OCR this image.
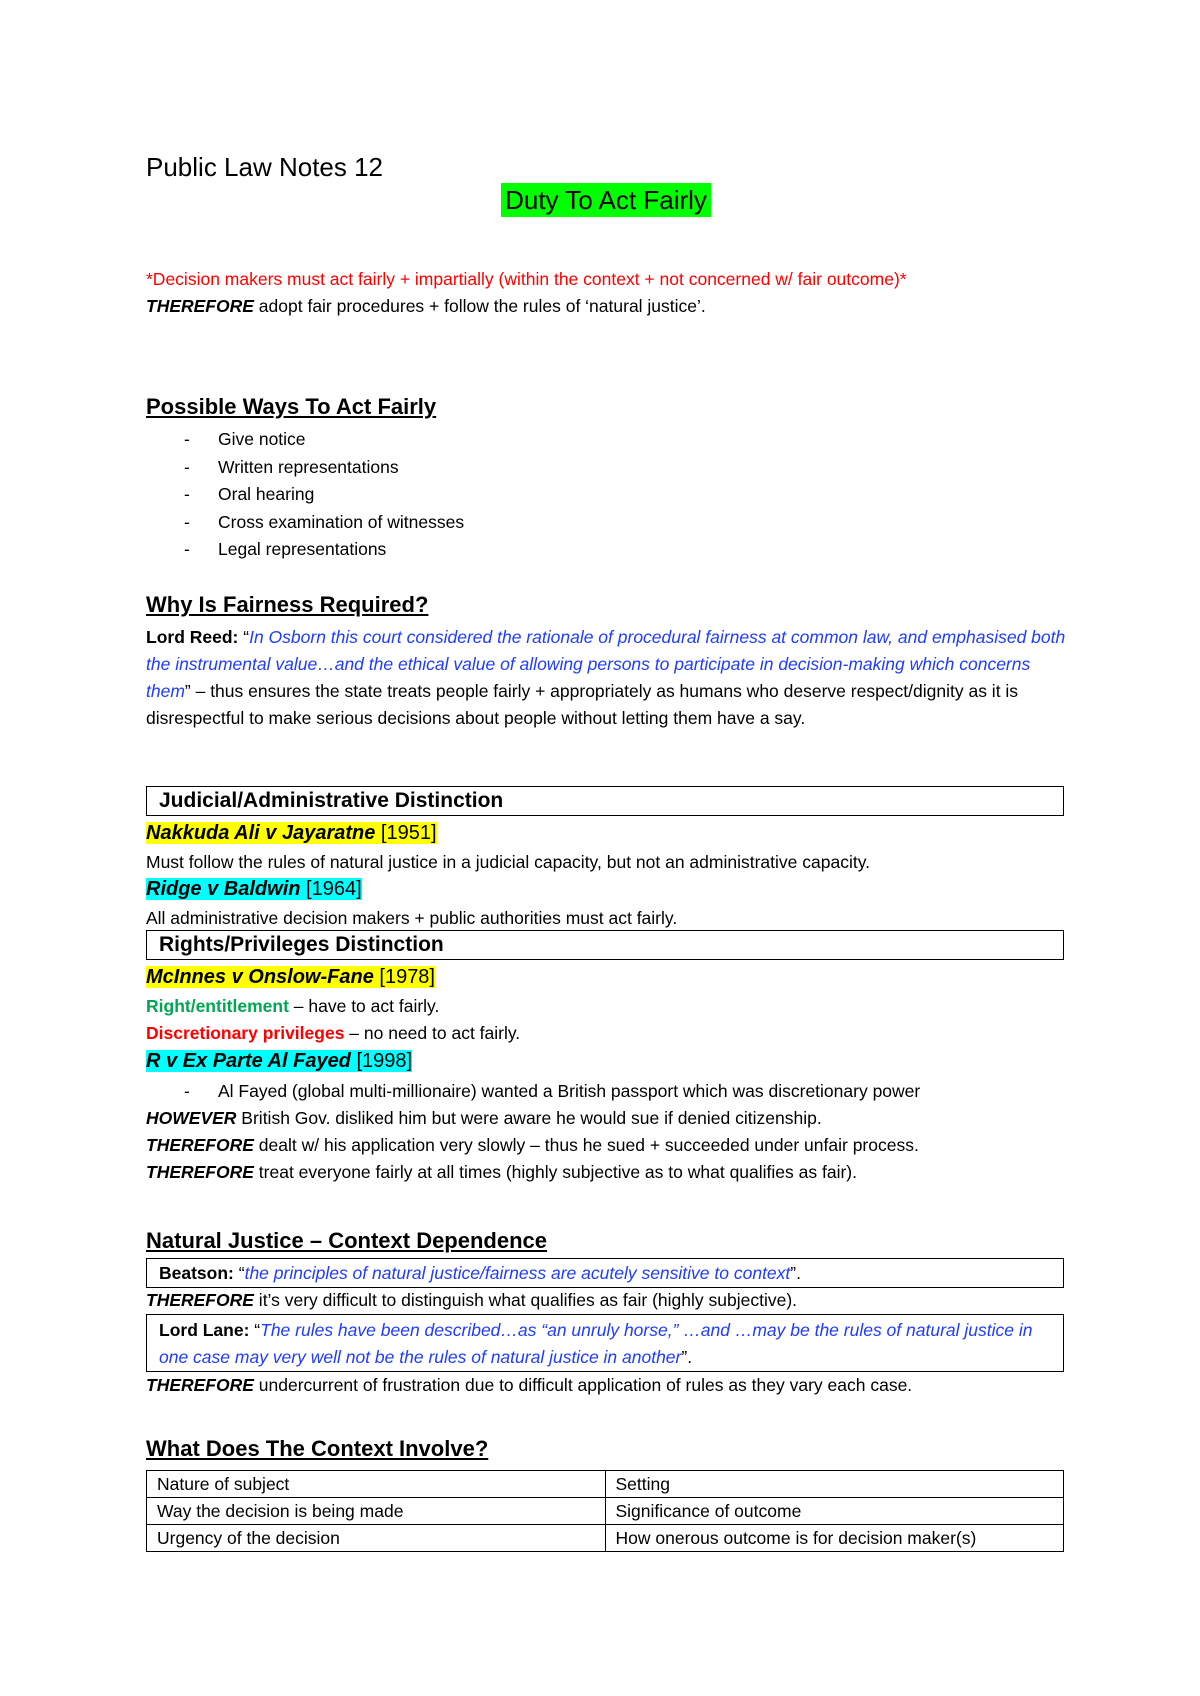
Public Law Notes 12
Duty To Act Fairly
*Decision makers must act fairly + impartially (within the context + not concerned w/ fair outcome)*
THEREFORE adopt fair procedures + follow the rules of ‘natural justice’.
Possible Ways To Act Fairly
- Give notice
- Written representations
- Oral hearing
- Cross examination of witnesses
- Legal representations
Why Is Fairness Required?
Lord Reed: “In Osborn this court considered the rationale of procedural fairness at common law, and emphasised both the instrumental value…and the ethical value of allowing persons to participate in decision-making which concerns them” – thus ensures the state treats people fairly + appropriately as humans who deserve respect/dignity as it is disrespectful to make serious decisions about people without letting them have a say.
Judicial/Administrative Distinction
Nakkuda Ali v Jayaratne [1951]
Must follow the rules of natural justice in a judicial capacity, but not an administrative capacity.
Ridge v Baldwin [1964]
All administrative decision makers + public authorities must act fairly.
Rights/Privileges Distinction
McInnes v Onslow-Fane [1978]
Right/entitlement – have to act fairly.
Discretionary privileges – no need to act fairly.
R v Ex Parte Al Fayed [1998]
- Al Fayed (global multi-millionaire) wanted a British passport which was discretionary power
HOWEVER British Gov. disliked him but were aware he would sue if denied citizenship.
THEREFORE dealt w/ his application very slowly – thus he sued + succeeded under unfair process.
THEREFORE treat everyone fairly at all times (highly subjective as to what qualifies as fair).
Natural Justice – Context Dependence
Beatson: “the principles of natural justice/fairness are acutely sensitive to context”.
THEREFORE it’s very difficult to distinguish what qualifies as fair (highly subjective).
Lord Lane: “The rules have been described…as “an unruly horse,” …and …may be the rules of natural justice in one case may very well not be the rules of natural justice in another”.
THEREFORE undercurrent of frustration due to difficult application of rules as they vary each case.
What Does The Context Involve?
Nature of subject	Setting
Way the decision is being made	Significance of outcome
Urgency of the decision	How onerous outcome is for decision maker(s)
